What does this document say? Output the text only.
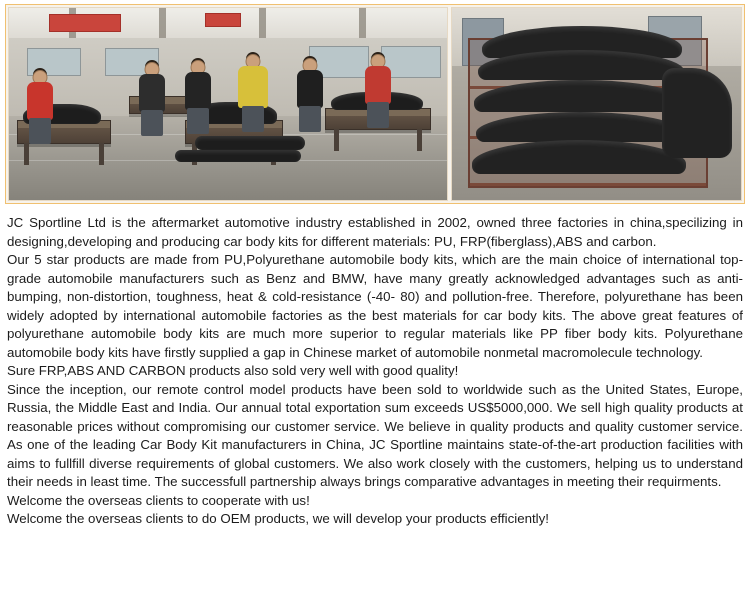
JC Sportline Ltd is the aftermarket automotive industry established in 2002, owned three factories in china,specilizing in designing,developing and producing car body kits for different materials: PU, FRP(fiberglass),ABS and carbon.

Our 5 star products are made from PU,Polyurethane automobile body kits, which are the main choice of international top-grade automobile manufacturers such as Benz and BMW, have many greatly acknowledged advantages such as anti-bumping, non-distortion, toughness, heat & cold-resistance (-40- 80) and pollution-free. Therefore, polyurethane has been widely adopted by international automobile factories as the best materials for car body kits. The above great features of polyurethane automobile body kits are much more superior to regular materials like PP fiber body kits. Polyurethane automobile body kits have firstly supplied a gap in Chinese market of automobile nonmetal macromolecule technology.

Sure FRP,ABS AND CARBON products also sold very well with good quality!

Since the inception, our remote control model products have been sold to worldwide such as the United States, Europe, Russia, the Middle East and India. Our annual total exportation sum exceeds US$5000,000. We sell high quality products at reasonable prices without compromising our customer service. We believe in quality products and quality customer service. As one of the leading Car Body Kit manufacturers in China, JC Sportline maintains state-of-the-art production facilities with aims to fullfill diverse requirements of global customers. We also work closely with the customers, helping us to understand their needs in least time. The successfull partnership always brings comparative advantages in meeting their requirments.

Welcome the overseas clients to cooperate with us!

Welcome the overseas clients to do OEM products, we will develop your products efficiently!
